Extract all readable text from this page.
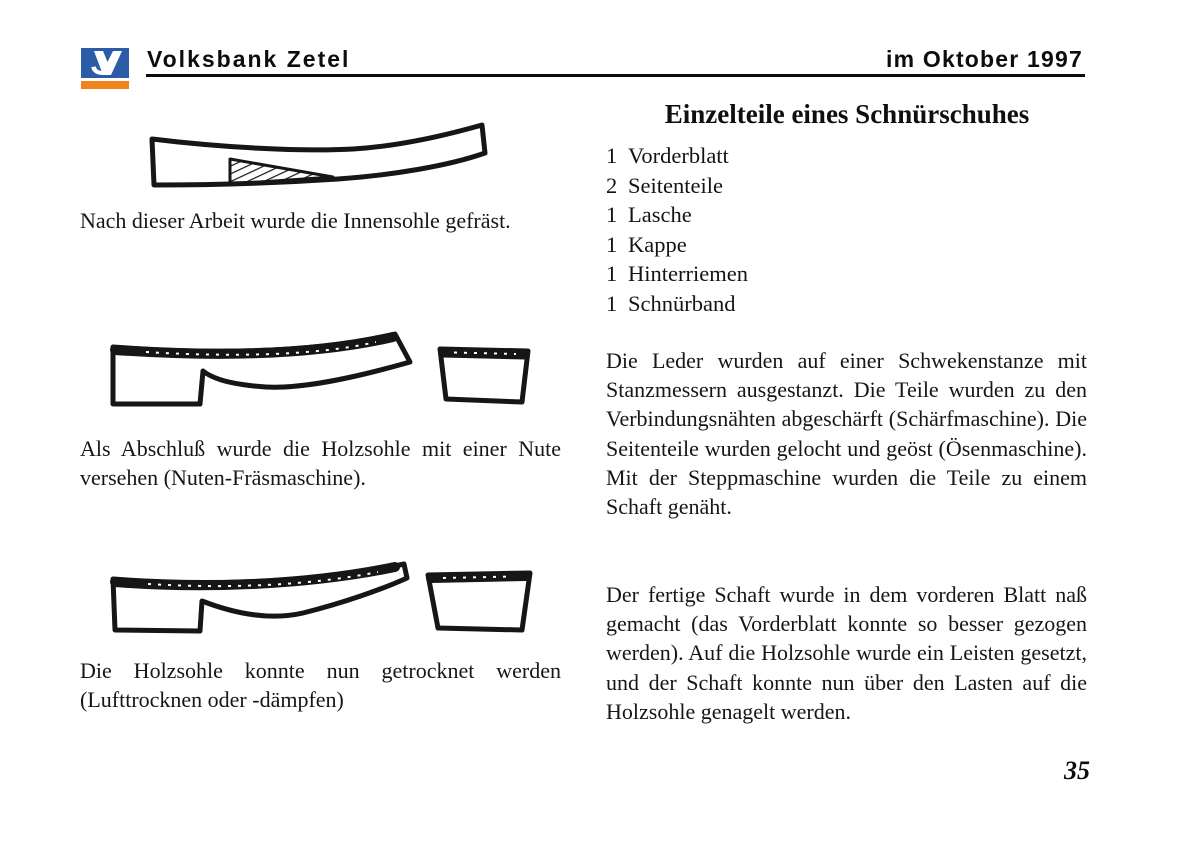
Volksbank Zetel	im Oktober 1997
Nach dieser Arbeit wurde die Innensohle gefräst.
Als Abschluß wurde die Holzsohle mit einer Nute versehen (Nuten-Fräsmaschine).
Die Holzsohle konnte nun getrocknet werden (Lufttrocknen oder -dämpfen)
Einzelteile eines Schnürschuhes
1 Vorderblatt
2 Seitenteile
1 Lasche
1 Kappe
1 Hinterriemen
1 Schnürband
Die Leder wurden auf einer Schwekenstanze mit Stanzmessern ausgestanzt. Die Teile wurden zu den Verbindungsnähten abgeschärft (Schärfmaschine). Die Seitenteile wurden gelocht und geöst (Ösenmaschine). Mit der Steppmaschine wurden die Teile zu einem Schaft genäht.
Der fertige Schaft wurde in dem vorderen Blatt naß gemacht (das Vorderblatt konnte so besser gezogen werden). Auf die Holzsohle wurde ein Leisten gesetzt, und der Schaft konnte nun über den Lasten auf die Holzsohle genagelt werden.
35
